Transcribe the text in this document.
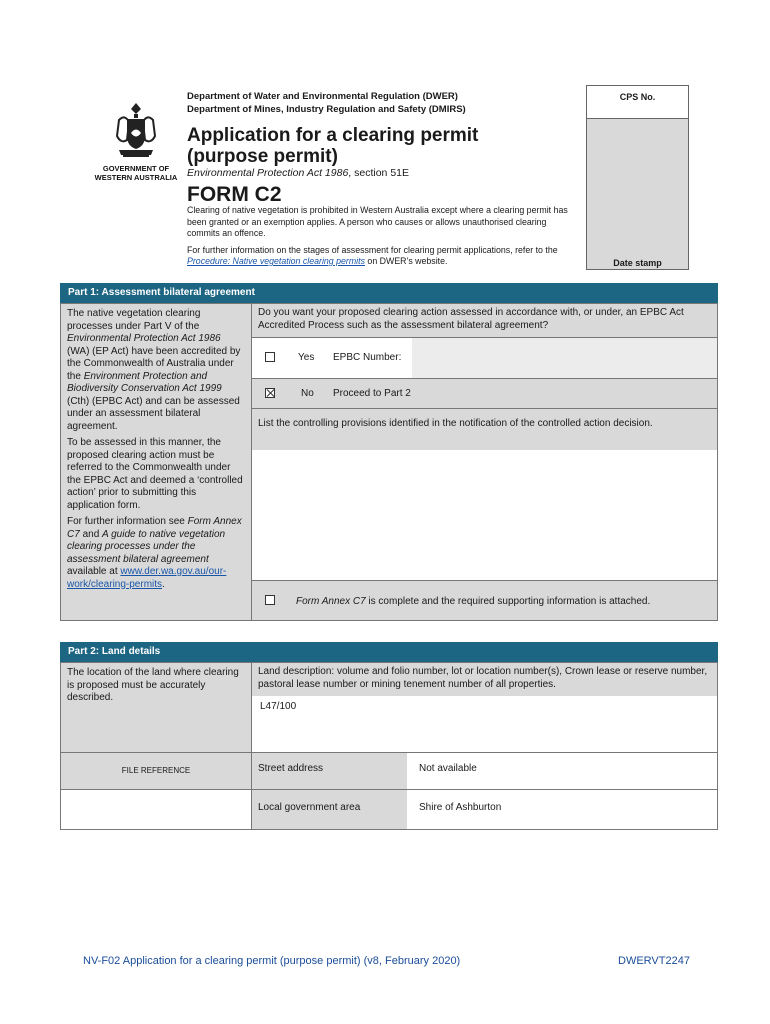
GOVERNMENT OF
WESTERN AUSTRALIA
Department of Water and Environmental Regulation (DWER)
Department of Mines, Industry Regulation and Safety (DMIRS)
Application for a clearing permit
(purpose permit)
Environmental Protection Act 1986, section 51E
FORM C2

Clearing of native vegetation is prohibited in Western Australia except where a clearing permit has been granted or an exemption applies. A person who causes or allows unauthorised clearing commits an offence.

For further information on the stages of assessment for clearing permit applications, refer to the Procedure: Native vegetation clearing permits on DWER’s website.

CPS No.
Date stamp
Part 1: Assessment bilateral agreement

The native vegetation clearing processes under Part V of the Environmental Protection Act 1986 (WA) (EP Act) have been accredited by the Commonwealth of Australia under the Environment Protection and Biodiversity Conservation Act 1999 (Cth) (EPBC Act) and can be assessed under an assessment bilateral agreement.

To be assessed in this manner, the proposed clearing action must be referred to the Commonwealth under the EPBC Act and deemed a ‘controlled action’ prior to submitting this application form.

For further information see Form Annex C7 and A guide to native vegetation clearing processes under the assessment bilateral agreement available at www.der.wa.gov.au/our-work/clearing-permits.

Do you want your proposed clearing action assessed in accordance with, or under, an EPBC Act Accredited Process such as the assessment bilateral agreement?
Yes EPBC Number:
No Proceed to Part 2
List the controlling provisions identified in the notification of the controlled action decision.
Form Annex C7 is complete and the required supporting information is attached.
Part 2: Land details
The location of the land where clearing is proposed must be accurately described.
Land description: volume and folio number, lot or location number(s), Crown lease or reserve number, pastoral lease number or mining tenement number of all properties.
L47/100
FILE REFERENCE	Street address	Not available
Local government area	Shire of Ashburton
NV-F02 Application for a clearing permit (purpose permit) (v8, February 2020)	DWERVT2247
